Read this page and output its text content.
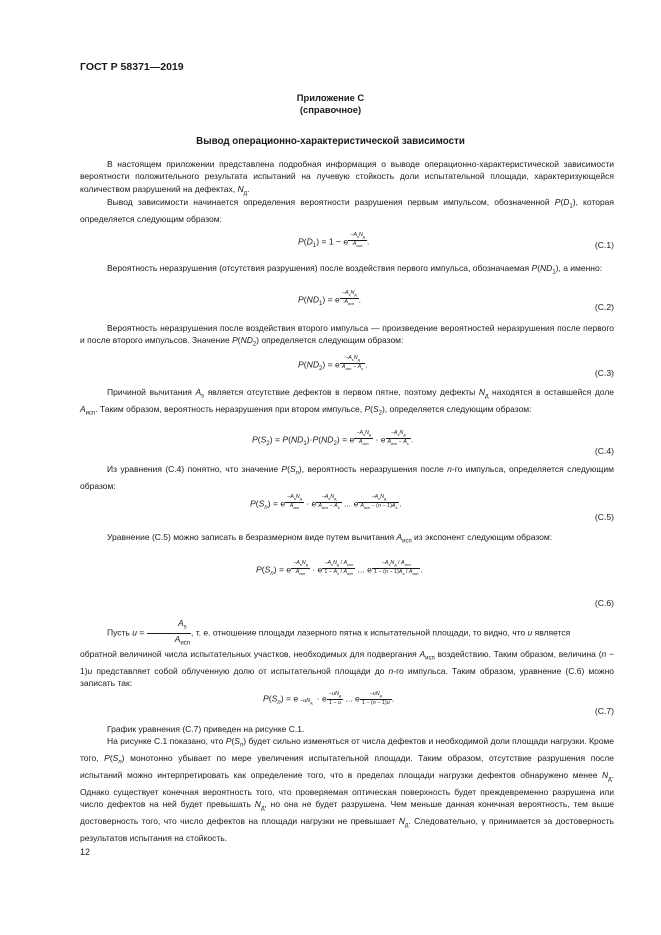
ГОСТ Р 58371—2019

Приложение С
(справочное)

Вывод операционно-характеристической зависимости

В настоящем приложении представлена подробная информация о выводе операционно-характеристической зависимости вероятности положительного результата испытаний на лучевую стойкость доли испытательной площади, характеризующейся количеством разрушений на дефектах, $N_д$.

Вывод зависимости начинается определения вероятности разрушения первым импульсом, обозначенной $P(D_1)$, которая определяется следующим образом:

$P(D_1) = 1 - e$
$-A_sN_д$
$A_{исп}$ .	(С.1)

Вероятность неразрушения (отсутствия разрушения) после воздействия первого импульса, обозначаемая $P(ND_1)$, а именно:

$P(ND_1) = e$
$-A_sN_д$
$A_{исп}$ .
(С.2)

Вероятность неразрушения после воздействия второго импульса — произведение вероятностей неразрушения после первого и после второго импульсов. Значение $P(ND_2)$ определяется следующим образом:

$P(ND_2) = e$
$-A_sN_д$
$A_{исп} - A_s$ .
(С.3)

Причиной вычитания $A_s$ является отсутствие дефектов в первом пятне, поэтому дефекты $N_д$ находятся в оставшейся доле $A_{исп}$. Таким образом, вероятность неразрушения при втором импульсе, $P(S_2)$, определяется следующим образом:

$P(S_2) = P(ND_1)\cdot P(ND_2) = e$
$-A_sN_д$
$A_{исп} \cdot e$
$-A_sN_д$
$A_{исп} - A_s$ .
(С.4)

Из уравнения (С.4) понятно, что значение $P(S_n)$, вероятность неразрушения после n-го импульса, определяется следующим образом:

$P(S_n) = e$
$-A_sN_д$
$A_{исп} \cdot e$
$-A_sN_д$
$A_{исп} - A_s$ ... e
$-A_sN_д$
$A_{исп} - (n - 1)A_s$ .
(С.5)

Уравнение (С.5) можно записать в безразмерном виде путем вычитания $A_{исп}$ из экспонент следующим образом:

$P(S_n) = e$
$-A_sN_д$
$A_{исп} \cdot e$
$-A_sN_д / A_{исп}$
$1 - A_s / A_{исп}$ ... e
$-A_sN_д / A_{исп}$
$1 - (n - 1)A_s / A_{исп}$ .
(С.6)

Пусть $u = \frac{A_s}{A_{исп}}$ , т. е. отношение площади лазерного пятна к испытательной площади, то видно, что u является

обратной величиной числа испытательных участков, необходимых для подвергания $A_{исп}$ воздействию. Таким образом, величина (n − 1)u представляет собой облученную долю от испытательной площади до n-го импульса. Таким образом, уравнение (С.6) можно записать так:

$P(S_n) = e -uN_д \cdot e -uN_д$
1 − u ... e	$-uN_д$
1 − (n − 1)u .
(С.7)

График уравнения (С.7) приведен на рисунке С.1.

На рисунке С.1 показано, что $P(S_n)$ будет сильно изменяться от числа дефектов и необходимой доли площади нагрузки. Кроме того, $P(S_n)$ монотонно убывает по мере увеличения испытательной площади. Таким образом, отсутствие разрушения после испытаний можно интерпретировать как определение того, что в пределах площади нагрузки дефектов обнаружено менее $N_д$. Однако существует конечная вероятность того, что проверяемая оптическая поверхность будет преждевременно разрушена или число дефектов на ней будет превышать $N_д$, но она не будет разрушена. Чем меньше данная конечная вероятность, тем выше достоверность того, что число дефектов на площади нагрузки не превышает $N_д$. Следовательно, γ принимается за достоверность результатов испытания на стойкость.

12
